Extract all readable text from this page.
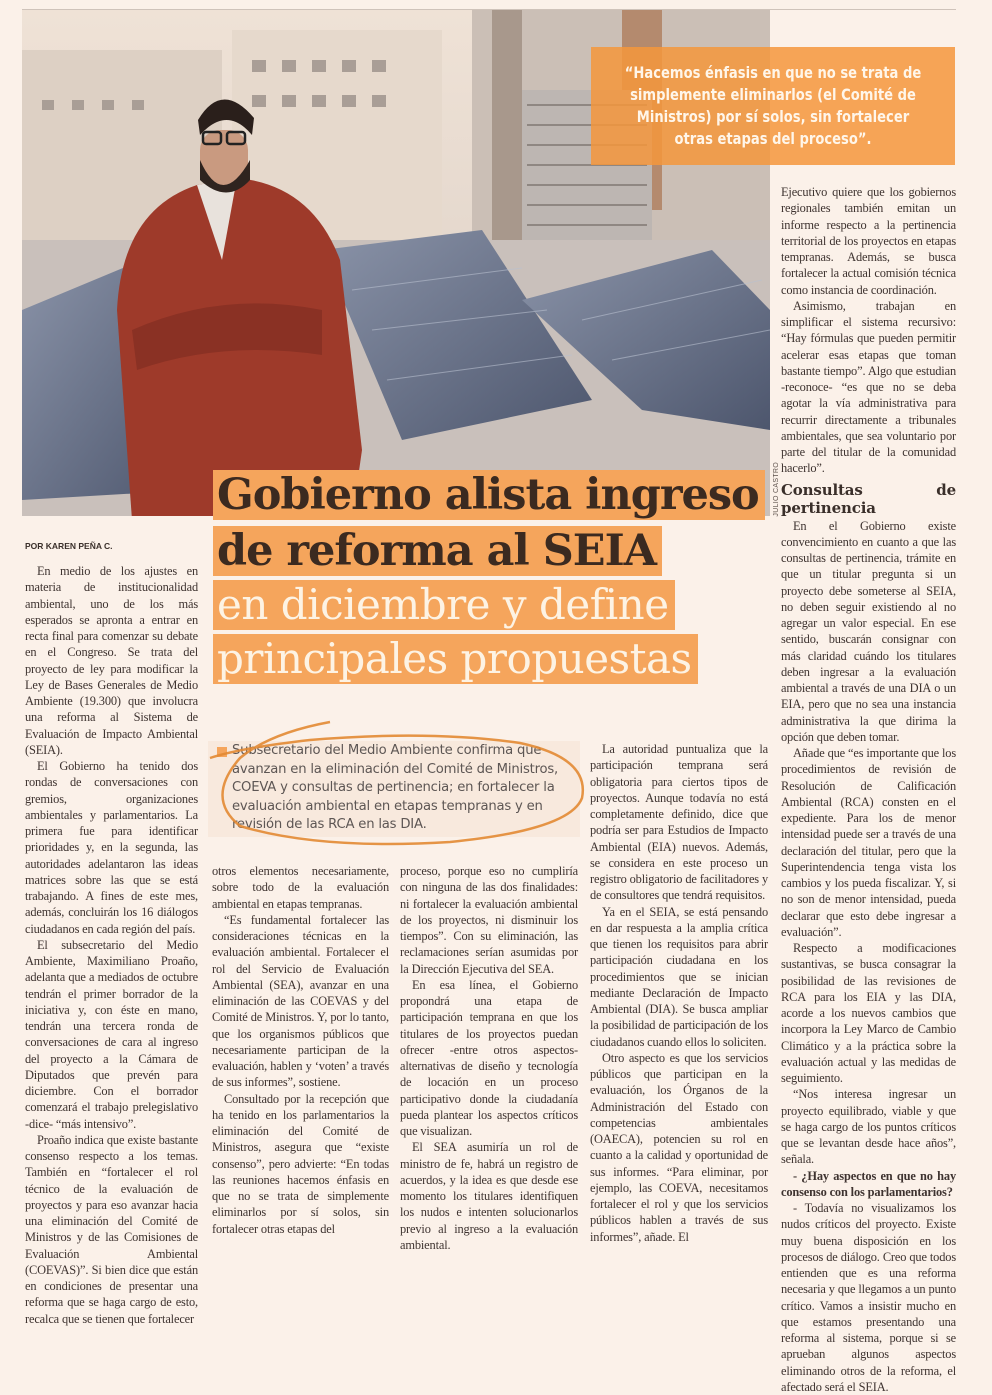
JULIO CASTRO
“Hacemos énfasis en que no se trata de simplemente eliminarlos (el Comité de Ministros) por sí solos, sin fortalecer otras etapas del proceso”.
Gobierno alista ingreso
de reforma al SEIA
en diciembre y define
principales propuestas
POR KAREN PEÑA C.
Subsecretario del Medio Ambiente confirma que avanzan en la eliminación del Comité de Ministros, COEVA y consultas de pertinencia; en fortalecer la evaluación ambiental en etapas tempranas y en revisión de las RCA en las DIA.

En medio de los ajustes en materia de institucionalidad ambiental, uno de los más esperados se apronta a entrar en recta final para comenzar su debate en el Congreso. Se trata del proyecto de ley para modificar la Ley de Bases Generales de Medio Ambiente (19.300) que involucra una reforma al Sistema de Evaluación de Impacto Ambiental (SEIA).

El Gobierno ha tenido dos rondas de conversaciones con gremios, organizaciones ambientales y parlamentarios. La primera fue para identificar prioridades y, en la segunda, las autoridades adelantaron las ideas matrices sobre las que se está trabajando. A fines de este mes, además, concluirán los 16 diálogos ciudadanos en cada región del país.

El subsecretario del Medio Ambiente, Maximiliano Proaño, adelanta que a mediados de octubre tendrán el primer borrador de la iniciativa y, con éste en mano, tendrán una tercera ronda de conversaciones de cara al ingreso del proyecto a la Cámara de Diputados que prevén para diciembre. Con el borrador comenzará el trabajo prelegislativo -dice- “más intensivo”.

Proaño indica que existe bastante consenso respecto a los temas. También en “fortalecer el rol técnico de la evaluación de proyectos y para eso avanzar hacia una eliminación del Comité de Ministros y de las Comisiones de Evaluación Ambiental (COEVAS)”. Si bien dice que están en condiciones de presentar una reforma que se haga cargo de esto, recalca que se tienen que fortalecer

otros elementos necesariamente, sobre todo de la evaluación ambiental en etapas tempranas.

“Es fundamental fortalecer las consideraciones técnicas en la evaluación ambiental. Fortalecer el rol del Servicio de Evaluación Ambiental (SEA), avanzar en una eliminación de las COEVAS y del Comité de Ministros. Y, por lo tanto, que los organismos públicos que necesariamente participan de la evaluación, hablen y ‘voten’ a través de sus informes”, sostiene.

Consultado por la recepción que ha tenido en los parlamentarios la eliminación del Comité de Ministros, asegura que “existe consenso”, pero advierte: “En todas las reuniones hacemos énfasis en que no se trata de simplemente eliminarlos por sí solos, sin fortalecer otras etapas del

proceso, porque eso no cumpliría con ninguna de las dos finalidades: ni fortalecer la evaluación ambiental de los proyectos, ni disminuir los tiempos”. Con su eliminación, las reclamaciones serían asumidas por la Dirección Ejecutiva del SEA.

En esa línea, el Gobierno propondrá una etapa de participación temprana en que los titulares de los proyectos puedan ofrecer -entre otros aspectos- alternativas de diseño y tecnología de locación en un proceso participativo donde la ciudadanía pueda plantear los aspectos críticos que visualizan.

El SEA asumiría un rol de ministro de fe, habrá un registro de acuerdos, y la idea es que desde ese momento los titulares identifiquen los nudos e intenten solucionarlos previo al ingreso a la evaluación ambiental.

La autoridad puntualiza que la participación temprana será obligatoria para ciertos tipos de proyectos. Aunque todavía no está completamente definido, dice que podría ser para Estudios de Impacto Ambiental (EIA) nuevos. Además, se considera en este proceso un registro obligatorio de facilitadores y de consultores que tendrá requisitos.

Ya en el SEIA, se está pensando en dar respuesta a la amplia crítica que tienen los requisitos para abrir participación ciudadana en los procedimientos que se inician mediante Declaración de Impacto Ambiental (DIA). Se busca ampliar la posibilidad de participación de los ciudadanos cuando ellos lo soliciten.

Otro aspecto es que los servicios públicos que participan en la evaluación, los Órganos de la Administración del Estado con competencias ambientales (OAECA), potencien su rol en cuanto a la calidad y oportunidad de sus informes. “Para eliminar, por ejemplo, las COEVA, necesitamos fortalecer el rol y que los servicios públicos hablen a través de sus informes”, añade. El

Ejecutivo quiere que los gobiernos regionales también emitan un informe respecto a la pertinencia territorial de los proyectos en etapas tempranas. Además, se busca fortalecer la actual comisión técnica como instancia de coordinación.

Asimismo, trabajan en simplificar el sistema recursivo: “Hay fórmulas que pueden permitir acelerar esas etapas que toman bastante tiempo”. Algo que estudian -reconoce- “es que no se deba agotar la vía administrativa para recurrir directamente a tribunales ambientales, que sea voluntario por parte del titular de la comunidad hacerlo”.

Consultas de pertinencia

En el Gobierno existe convencimiento en cuanto a que las consultas de pertinencia, trámite en que un titular pregunta si un proyecto debe someterse al SEIA, no deben seguir existiendo al no agregar un valor especial. En ese sentido, buscarán consignar con más claridad cuándo los titulares deben ingresar a la evaluación ambiental a través de una DIA o un EIA, pero que no sea una instancia administrativa la que dirima la opción que deben tomar.

Añade que “es importante que los procedimientos de revisión de Resolución de Calificación Ambiental (RCA) consten en el expediente. Para los de menor intensidad puede ser a través de una declaración del titular, pero que la Superintendencia tenga vista los cambios y los pueda fiscalizar. Y, si no son de menor intensidad, pueda declarar que esto debe ingresar a evaluación”.

Respecto a modificaciones sustantivas, se busca consagrar la posibilidad de las revisiones de RCA para los EIA y las DIA, acorde a los nuevos cambios que incorpora la Ley Marco de Cambio Climático y a la práctica sobre la evaluación actual y las medidas de seguimiento.

“Nos interesa ingresar un proyecto equilibrado, viable y que se haga cargo de los puntos críticos que se levantan desde hace años”, señala.

- ¿Hay aspectos en que no hay consenso con los parlamentarios?

- Todavía no visualizamos los nudos críticos del proyecto. Existe muy buena disposición en los procesos de diálogo. Creo que todos entienden que es una reforma necesaria y que llegamos a un punto crítico. Vamos a insistir mucho en que estamos presentando una reforma al sistema, porque si se aprueban algunos aspectos eliminando otros de la reforma, el afectado será el SEIA.
